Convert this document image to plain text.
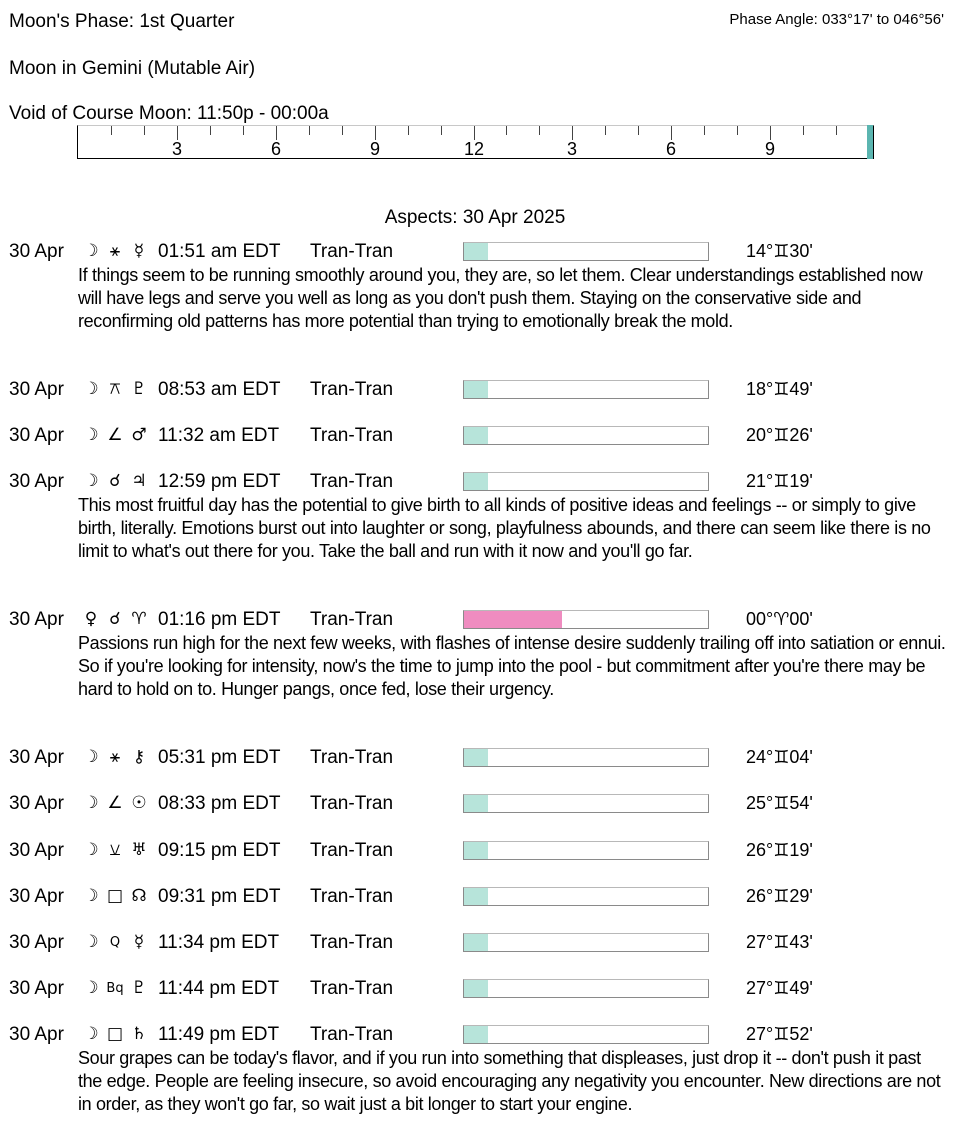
Moon's Phase: 1st Quarter	Phase Angle: 033°17' to 046°56'
Moon in Gemini (Mutable Air)
Void of Course Moon: 11:50p - 00:00a
3	6	9	12	3	6	9
Aspects: 30 Apr 2025
30 Apr ☽ ⚹ ☿ 01:51 am EDT Tran-Tran	14°♊30'
If things seem to be running smoothly around you, they are, so let them. Clear understandings established now will have legs and serve you well as long as you don't push them. Staying on the conservative side and reconfirming old patterns has more potential than trying to emotionally break the mold.
30 Apr ☽ ⚻ ♇ 08:53 am EDT Tran-Tran	18°♊49'
30 Apr ☽ ∠ ♂ 11:32 am EDT Tran-Tran	20°♊26'
30 Apr ☽ ☌ ♃ 12:59 pm EDT Tran-Tran	21°♊19'
This most fruitful day has the potential to give birth to all kinds of positive ideas and feelings -- or simply to give birth, literally. Emotions burst out into laughter or song, playfulness abounds, and there can seem like there is no limit to what's out there for you. Take the ball and run with it now and you'll go far.
30 Apr ♀ ☌ ♈ 01:16 pm EDT Tran-Tran	00°♈00'
Passions run high for the next few weeks, with flashes of intense desire suddenly trailing off into satiation or ennui. So if you're looking for intensity, now's the time to jump into the pool - but commitment after you're there may be hard to hold on to. Hunger pangs, once fed, lose their urgency.
30 Apr ☽ ⚹ ⚷ 05:31 pm EDT Tran-Tran	24°♊04'
30 Apr ☽ ∠ ☉ 08:33 pm EDT Tran-Tran	25°♊54'
30 Apr ☽ ⚺ ♅ 09:15 pm EDT Tran-Tran	26°♊19'
30 Apr ☽ □ ☊ 09:31 pm EDT Tran-Tran	26°♊29'
30 Apr ☽ Q ☿ 11:34 pm EDT Tran-Tran	27°♊43'
30 Apr ☽ Bq ♇ 11:44 pm EDT Tran-Tran	27°♊49'
30 Apr ☽ □ ♄ 11:49 pm EDT Tran-Tran	27°♊52'
Sour grapes can be today's flavor, and if you run into something that displeases, just drop it -- don't push it past the edge. People are feeling insecure, so avoid encouraging any negativity you encounter. New directions are not in order, as they won't go far, so wait just a bit longer to start your engine.
